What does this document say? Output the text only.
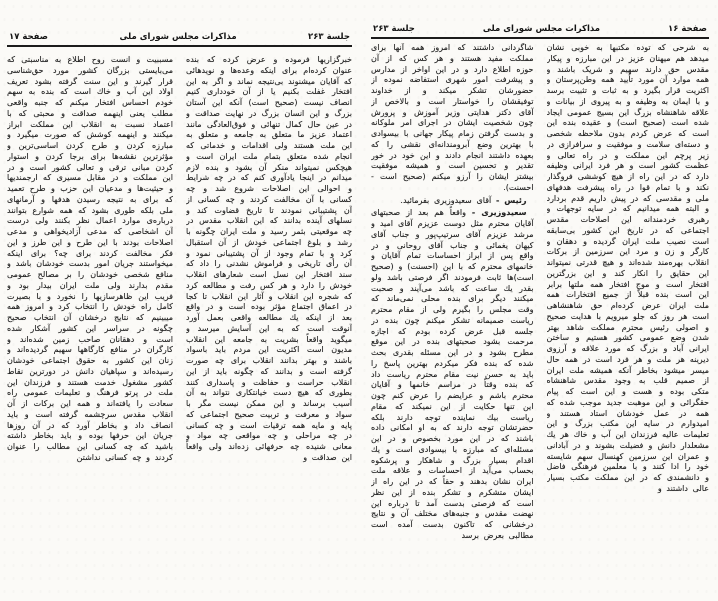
جلسة ۲۶۳	مذاکرات مجلس شورای ملی	صفحة ۱۶

به شرحی که توده مکتبها به خوبی نشان میدهد هم میهنان عزیز در این مبارزه و پیکار مقدس حق دارند سهیم و شریک باشند و همه موارد آن مورد تأیید همه وطن‌پرستان و اکثریت قرار بگیرد و به ثبات و تثبیت برسد و با ایمان به وظیفه و به پیروی از بیانات و علاقه شاهنشاه بزرگ این بسیج عمومی ایجاد شده است (صحیح است) و عقیده بنده این است که عرض کردم بدون ملاحظه شخصی و دسته‌ای سلامت و موفقیت و سرافرازی در زیر پرچم این مملکت و در راه تعالی و عظمت کشور است و هر فرد ایرانی وظیفه دارد که در این راه از هیچ کوششی فروگذار نکند و با تمام قوا در راه پیشرفت هدفهای ملی و مقدسی که در پیش داریم قدم بردارد و البته همه میدانیم که در سایه توجهات و رهبری خردمندانه این اصلاحات مقدس اجتماعی که در تاریخ این کشور بی‌سابقه است نصیب ملت ایران گردیده و دهقان و کارگر و زن و مرد این سرزمین از برکات انقلاب بهره‌مند شده‌اند و هیچ قدرتی نمیتواند این حقایق را انکار کند و این بزرگترین افتخار است و موج افتخار همه ملتها برابر این است بنده قبلاً از جمیع افتخارات همه ملت ایران عرض کرده‌ام حق شاهنشاهی است هر روز که جلو میرویم با هدایت صحیح و اصولی رئیس محترم مملکت شاهد بهتر شدن وضع عمومی کشور هستیم و ساختن ایرانی آباد و بزرگ که مورد علاقه و آرزوی دیرینه هر ملت و هر فرد است در همه حال میسر میشود بخاطر آنکه همیشه ملت ایران از صمیم قلب به وجود مقدس شاهنشاه متکی بوده و هست و این است که پیام حقگرائی و این موهبت جدید موجب شده که همه در عمل خودشان استاد هستند و امیدوارم در سایه این مکتب بزرگ و این تعلیمات عالیه فرزندان این آب و خاك هر يك مشعلدار دانش و فضیلت بشوند و در آبادانی و عمران این سرزمین کهنسال سهم شایسته خود را ادا کنند و با معلمین فرهنگی فاضل و دانشمندی که در این مملکت مکتب بسیار عالی داشتند و

شاگردانی داشتند که امروز همه آنها برای مملکت مفید هستند و هر کس که از آن حوزه اطلاع دارد و در این اواخر از مدارس و پیشرفت امور شهری استفاضه نموده از حضورشان تشکر میکند و از خداوند توفیقشان را خواستار است و بالاخص از آقای دکتر هدایتی وزیر آموزش و پرورش چون شخصیت ایشان در اجرای امر ملوکانه و بدست گرفتن زمام پیکار جهانی با بیسوادی با بهترین وضع آبرومندانه‌ای نقشی را که بعهده داشتند انجام دادند و این خود در خور تقدیر و تحسین است و همیشه موفقیت بیشتر ایشان را آرزو میکنم (صحیح است - احسنت).

رئیس - آقای سعیدوزیری بفرمائید.

سعیدوزیری - واقعاً هم بعد از صحبتهای آقایان محترم مثل دوست عزیزم آقای امید و مرشد عزیزم آقای سرتیپ‌پور و جناب آقای کیهان یغمائی و جناب آقای روحانی و در واقع پس از ابراز احساسات تمام آقایان و خانمهای محترم که با این (احسنت) و (صحیح است)‌ها ثابت فرمودند اگر فرصتی باشد ولو بقدر يك ساعت که باشد می‌آیند و صحبت میکنند دیگر برای بنده محلی نمی‌ماند که وقت مجلس را بگیرم ولی از مقام محترم ریاست صمیمانه تشکر میکنم چون بنده در جلسه قبل عرض کرده بودم که اجازه مرحمت بشود صحبتهای بنده در این موقع مطرح بشود و در این مسئله بقدری بحث شده که بنده فکر میکردم بهترین پاسخ را باید به حسن نیت مقام محترم ریاست داد که بنده وقتاً در مراسم خانمها و آقایان محترم باشم و عرایضم را عرض کنم چون این تنها حکایت از این نمیکند که مقام ریاست بيك نماینده توجه دارند بلکه حضرتشان توجه دارند که به او امکانی داده باشند که در این مورد بخصوص و در این مسئله‌ای که مبارزه با بیسوادی است و يك اقدام بسیار بزرگ و شاهکار و پرشکوه بحساب می‌آید از احساسات و علاقه ملت ایران نشان بدهند و حقاً که در این راه از ایشان متشکرم و تشکر بنده از این نظر است که فرصتی بدست آمد تا درباره این نهضت مقدس و جنبه‌های مختلف آن و نتایج درخشانی که تاکنون بدست آمده است مطالبی بعرض برسد

صفحة ۱۷	مذاکرات مجلس شورای ملی	جلسة ۲۶۳

خبرگزاریها فرموده و عرض کرده که بنده عنوان کرده‌ام برای اینکه وعده‌ها و نویدهائی که آقایان میشنوند بی‌نتیجه نماند و اگر به این افتخار غفلت بکنیم یا از آن خودداری کنیم انصاف نیست (صحیح است) آنکه این آستان بزرگ و این انسان بزرگ در نهایت صداقت و در عین حال کمال تنهائی و فوق‌العادگی مانند اعتماد عزیز ما متعلق به جامعه و متعلق به این ملت هستند ولی اقدامات و خدماتی که انجام شده متعلق بتمام ملت ایران است و هیچکس نمیتواند منکر آن بشود و بنده لازم میدانم در اینجا یادآوری کنم که در چه شرایط و احوالی این اصلاحات شروع شد و چه کسانی با آن مخالفت کردند و چه کسانی از آن پشتیبانی نمودند تا تاریخ قضاوت کند و نسلهای آینده بدانند که این انقلاب مقدس در چه موقعیتی بثمر رسید و ملت ایران چگونه با رشد و بلوغ اجتماعی خودش از آن استقبال کرد و با تمام وجود از آن پشتیبانی نمود و آن رأی تاریخی و فراموش نشدنی را داد که سند افتخار این نسل است شعارهای انقلاب خودش را دارد و هر کس رفت و مطالعه کرد که شجره این انقلاب و آثار این انقلاب تا کجا در اعماق اجتماع مؤثر بوده است و در واقع بعد از اینکه يك مطالعه واقعی بعمل آورد آنوقت است که به این آسایش میرسد و میگوید واقعاً بشریت به جامعه این انقلاب مدیون است اکثریت این مردم باید باسواد باشند و بهتر بدانند انقلاب برای چه صورت گرفته است و بدانند که چگونه باید از این انقلاب حراست و حفاظت و پاسداری کنند بطوری که هیچ دست خیانتکاری نتواند به آن آسیب برساند و این ممکن نیست مگر با سواد و معرفت و تربیت صحیح اجتماعی که پایه و مایه همه ترقیات است و چه کسانی در چه مراحلی و چه مواقعی چه مواد و معانی شنیده چه حرفهائی زده‌اند ولی واقعاً این صداقت و

مسببیت و انست روح اطلاع به مناسبتی که می‌بایستی بزرگان کشور مورد حق‌شناسی قرار گیرند و این سنت گرفته بشود تعریف اولاد این آب و خاك است که بنده به سهم خودم احساس افتخار میکنم که جنبه واقعی مطلب یعنی اینهمه صداقت و محبتی که با اعتماد نسبت به انقلاب این مملکت ابراز میکنند و اینهمه کوشش که صورت میگیرد و مبارزه کردن و طرح کردن اساسی‌ترین و مؤثرترین نقشه‌ها برای برجا کردن و استوار کردن مبانی ترقی و تعالی کشور است و در این مملکت و در مقابل مسیری که ارجمندیها و حیثیت‌ها و مدعیان این حزب و طرح تعمید که برای به نتیجه رسیدن هدفها و آرمانهای ملی بلکه طوری بشود که همه شوارع بتوانند درباره‌ی موارد اعمال نظر بکنند ولی درست آن اشخاصی که مدعی آزادیخواهی و مدعی اصلاحات بودند با این طرح و این طرز و این فکر مخالفت کردند برای چه؟ برای اینکه میخواستند جریان امور بدست خودشان باشد و منافع شخصی خودشان را بر مصالح عمومی مقدم بدارند ولی ملت ایران بیدار بود و فریب این ظاهرسازیها را نخورد و با بصیرت کامل راه خودش را انتخاب کرد و امروز همه میبینیم که نتایج درخشان آن انتخاب صحیح چگونه در سراسر این کشور آشکار شده است و دهقانان صاحب زمین شده‌اند و کارگران در منافع کارگاهها سهیم گردیده‌اند و زنان این کشور به حقوق اجتماعی خودشان رسیده‌اند و سپاهیان دانش در دورترین نقاط کشور مشغول خدمت هستند و فرزندان این ملت در پرتو فرهنگ و تعلیمات عمومی راه سعادت را یافته‌اند و همه این برکات از آن انقلاب مقدس سرچشمه گرفته است و باید انصاف داد و بخاطر آورد که در آن روزها جریان این حرفها بوده و باید بخاطر داشته باشید که چه کسانی این مطالب را عنوان کردند و چه کسانی نداشتن
